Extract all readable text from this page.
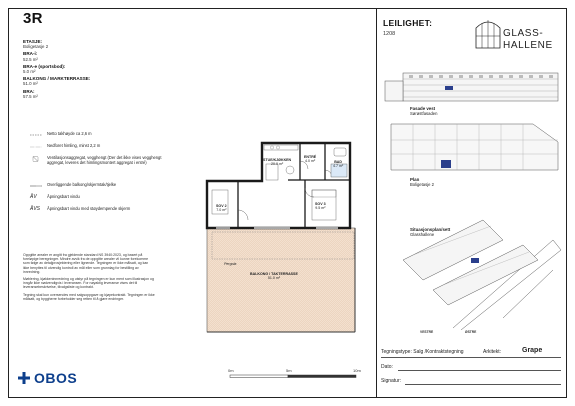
3R
ETASJE:
Boligetasje 2
BRA-i:
52.5 m²
BRA-e (sportsbod):
5.0 m²
BALKONG / MARKTERRASSE:
51.0 m²
BRA:
57.5 m²
Netto takhøyde ca 2,6 m
Nedforet himling, minst 2,2 m
Ventilasjonsaggregat, vegghengt (Der det ikke vises vegghengt aggregat, leveres det himlingsmontert aggregat i entré)
Overliggende balkong/skjermtak/tjelke
ÅV	Åpningsbart vindu
ÅVS	Åpningsbart vindu med støydempende skjerm
STUE/KJØKKEN
20.0 m²
ENTRÉ
4.0 m²	BAD
4.7 m²
SOV 2
7.0 m²
SOV 3
9.5 m²
BALKONG / TAKTERRASSE
51.0 m²
Pergola

Oppgitte arealer er angitt fra gjeldende standard NS 3940:2023, og basert på foreløpige beregninger. Mindre avvik fra de oppgitte arealer vil kunne forekomme som følge av detaljprosjektering eller lignende. Tegningen er ikke målsatt, og kan ikke benyttes til utvendig kontroll av mål eller som grunnlag for bestilling av innredning.

Møblering, kjøkkeninnredning og utstyr på tegningen er kun ment som illustrasjon og inngår ikke nødvendigvis i leveransen. For nøyaktig leveranse vises det til leveransebeskrivelse, tilvalgsliste og kontrakt.

Tegning skal kun oversendes med salgsoppgave og kjøpekontrakt. Tegningen er ikke målsatt, og byggherre forbeholder seg retten til å gjøre endringer.

OBOS	0m	5m	10m
LEILIGHET:
1208	GLASS-
HALLENE
Fasade vest
Sørøstfasaden
Plan
Boligetasje 2
Situasjonsplan/sett
Glasshallene
VESTRE	ØSTRE
Tegningstype: Salg /Kontraktstegning	Arkitekt:	Grape
Dato:
Signatur:
